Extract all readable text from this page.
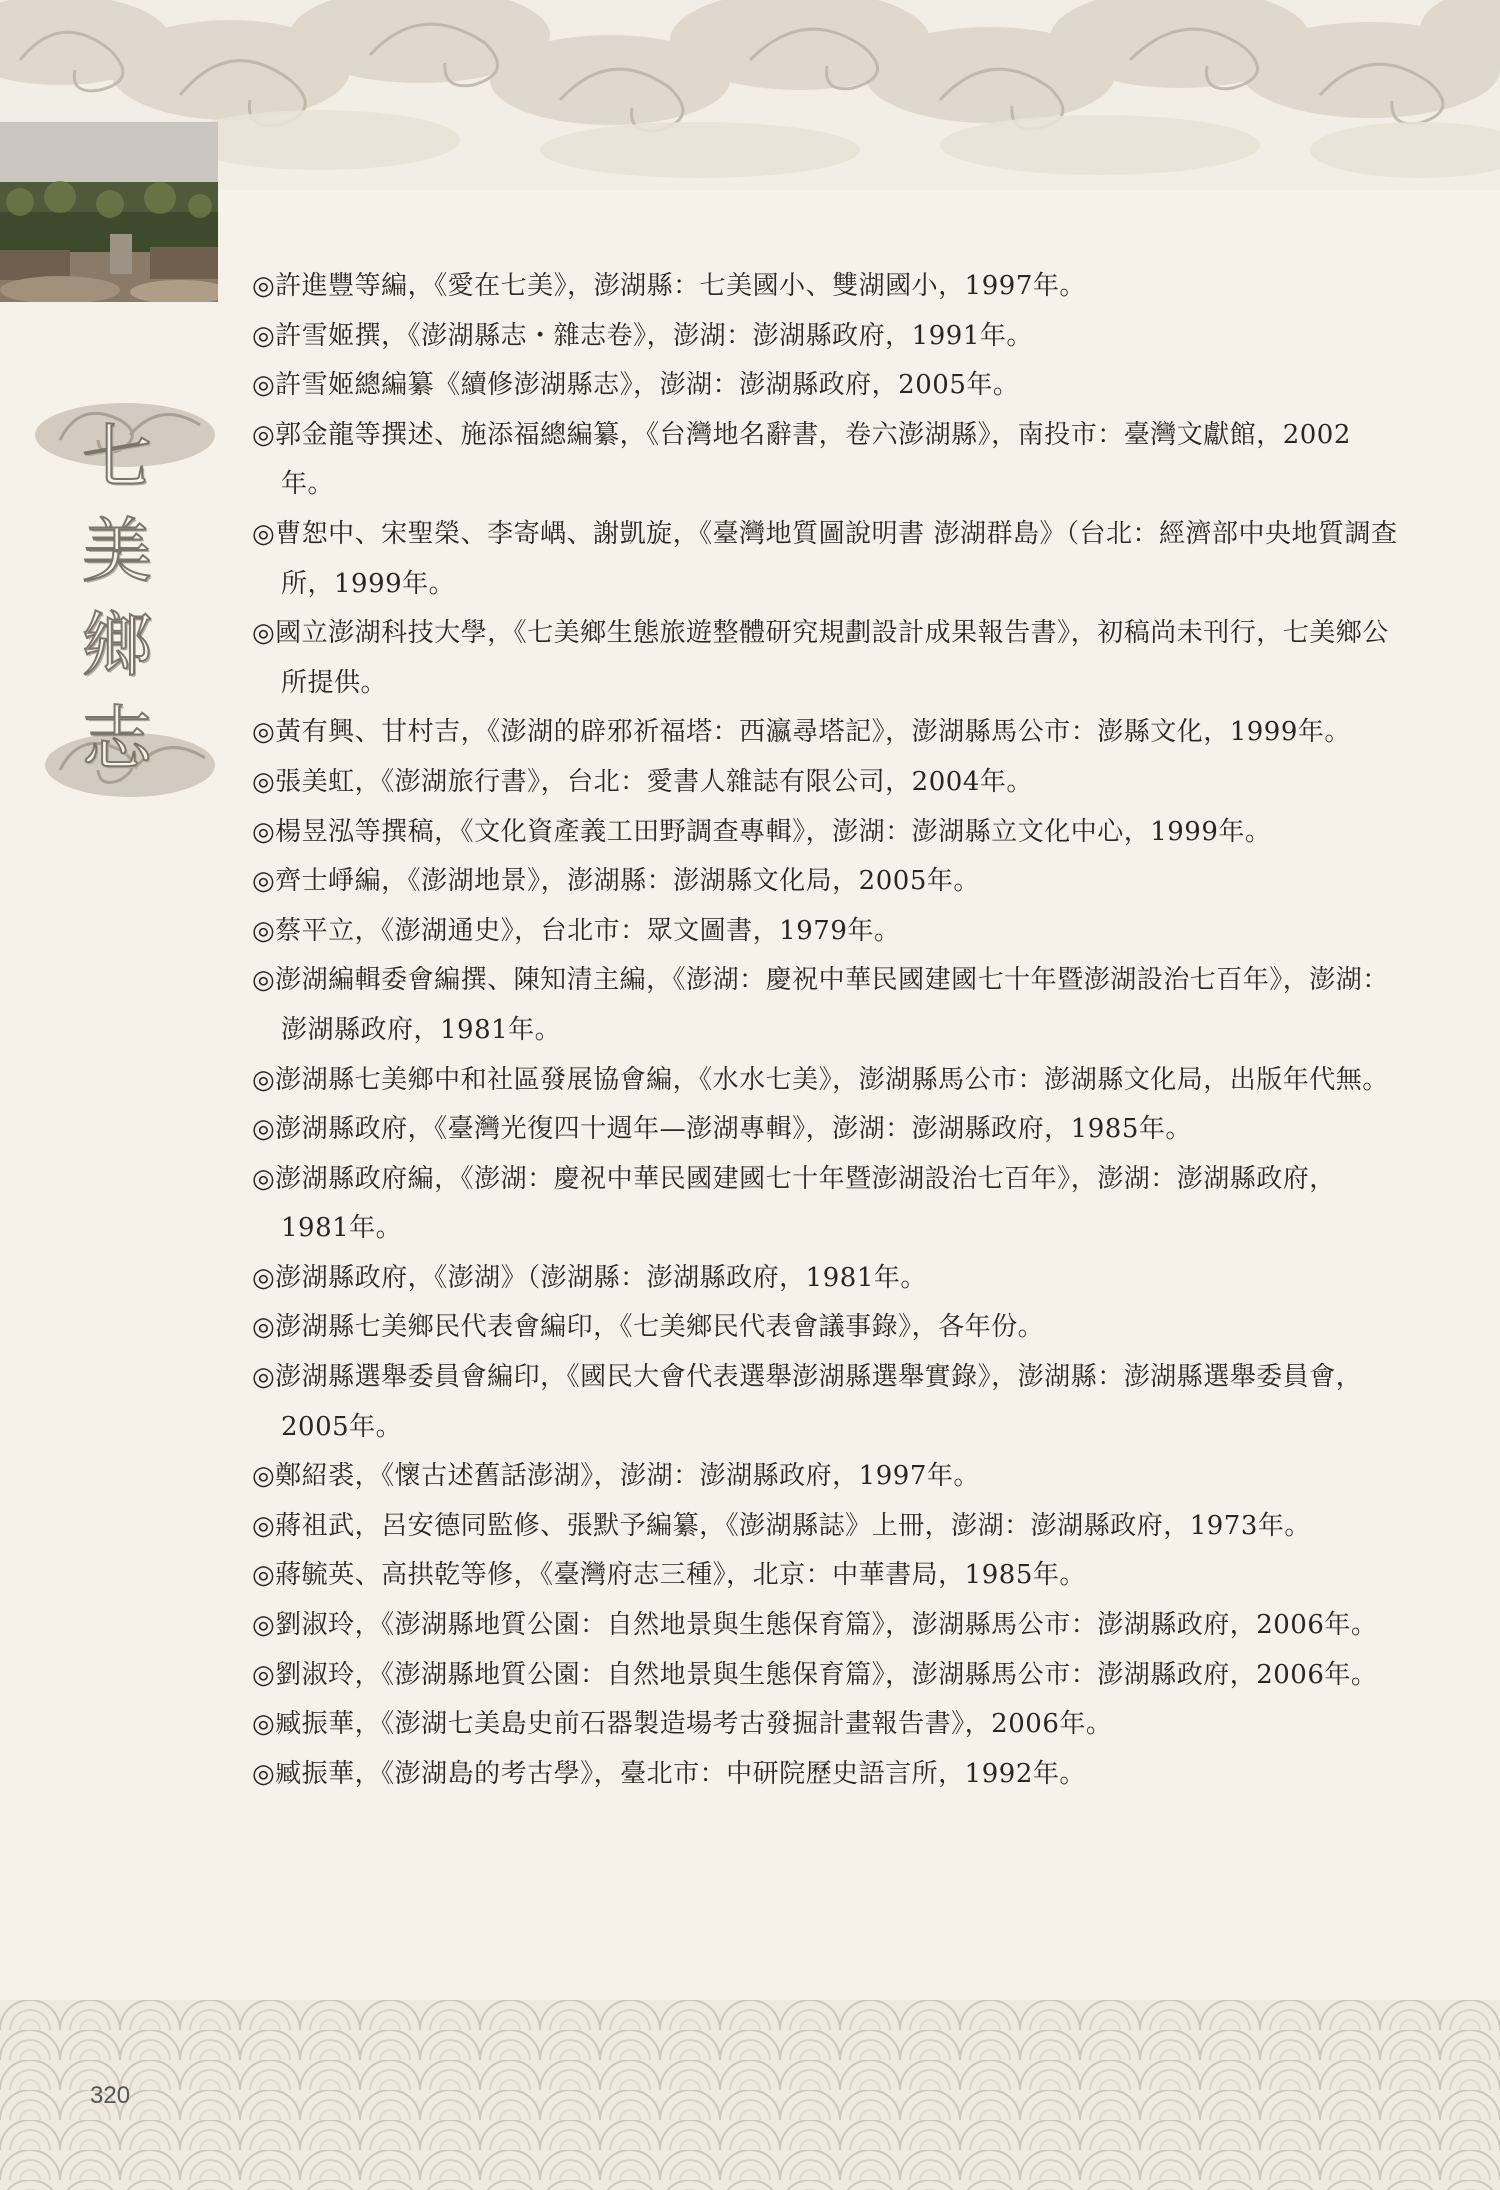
七
美
鄉
志
◎許進豐等編，《愛在七美》，澎湖縣：七美國小、雙湖國小，1997年。
◎許雪姬撰，《澎湖縣志・雜志卷》，澎湖：澎湖縣政府，1991年。
◎許雪姬總編纂《續修澎湖縣志》，澎湖：澎湖縣政府，2005年。
◎郭金龍等撰述、施添福總編纂，《台灣地名辭書，卷六澎湖縣》，南投市：臺灣文獻館，2002年。
◎曹恕中、宋聖榮、李寄嵎、謝凱旋，《臺灣地質圖說明書 澎湖群島》（台北：經濟部中央地質調查所，1999年。
◎國立澎湖科技大學，《七美鄉生態旅遊整體研究規劃設計成果報告書》，初稿尚未刊行，七美鄉公所提供。
◎黃有興、甘村吉，《澎湖的辟邪祈福塔：西瀛尋塔記》，澎湖縣馬公市：澎縣文化，1999年。
◎張美虹，《澎湖旅行書》，台北：愛書人雜誌有限公司，2004年。
◎楊昱泓等撰稿，《文化資產義工田野調查專輯》，澎湖：澎湖縣立文化中心，1999年。
◎齊士崢編，《澎湖地景》，澎湖縣：澎湖縣文化局，2005年。
◎蔡平立，《澎湖通史》，台北市：眾文圖書，1979年。
◎澎湖編輯委會編撰、陳知清主編，《澎湖：慶祝中華民國建國七十年暨澎湖設治七百年》，澎湖：澎湖縣政府，1981年。
◎澎湖縣七美鄉中和社區發展協會編，《水水七美》，澎湖縣馬公市：澎湖縣文化局，出版年代無。
◎澎湖縣政府，《臺灣光復四十週年—澎湖專輯》，澎湖：澎湖縣政府，1985年。
◎澎湖縣政府編，《澎湖：慶祝中華民國建國七十年暨澎湖設治七百年》，澎湖：澎湖縣政府，1981年。
◎澎湖縣政府，《澎湖》（澎湖縣：澎湖縣政府，1981年。
◎澎湖縣七美鄉民代表會編印，《七美鄉民代表會議事錄》，各年份。
◎澎湖縣選舉委員會編印，《國民大會代表選舉澎湖縣選舉實錄》，澎湖縣：澎湖縣選舉委員會，2005年。
◎鄭紹裘，《懷古述舊話澎湖》，澎湖：澎湖縣政府，1997年。
◎蔣祖武，呂安德同監修、張默予編纂，《澎湖縣誌》上冊，澎湖：澎湖縣政府，1973年。
◎蔣毓英、高拱乾等修，《臺灣府志三種》，北京：中華書局，1985年。
◎劉淑玲，《澎湖縣地質公園：自然地景與生態保育篇》，澎湖縣馬公市：澎湖縣政府，2006年。
◎劉淑玲，《澎湖縣地質公園：自然地景與生態保育篇》，澎湖縣馬公市：澎湖縣政府，2006年。
◎臧振華，《澎湖七美島史前石器製造場考古發掘計畫報告書》，2006年。
◎臧振華，《澎湖島的考古學》，臺北市：中研院歷史語言所，1992年。
320
